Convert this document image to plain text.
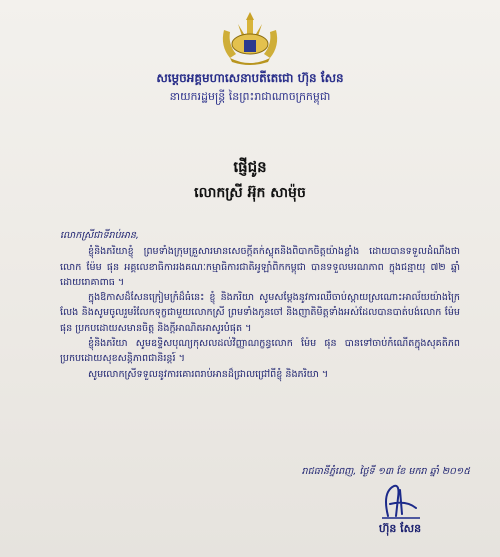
សម្តេចអគ្គមហាសេនាបតីតេជោ ហ៊ុន សែន
នាយករដ្ឋមន្ត្រី នៃព្រះរាជាណាចក្រកម្ពុជា
ផ្ញើជូន
លោកស្រី អ៊ុក សាម៉ុច

លោកស្រីជាទីរាប់អាន,

ខ្ញុំនិងភរិយាខ្ញុំ ព្រមទាំងក្រុមគ្រួសារមានសេចក្តីតក់ស្លុតនិងពិបាកចិត្តយ៉ាងខ្លាំង ដោយបានទទួលដំណឹងថា លោក ម៉ែម ផុន អគ្គលេខាធិការរងគណៈកម្មាធិការជាតិអូឡាំពិកកម្ពុជា បានទទួលមរណភាព ក្នុងជន្មាយុ ៧២ ឆ្នាំ ដោយរោគាពាធ ។

ក្នុងឱកាសដ៏សែនក្រៀមក្រំដ៏ធំនេះ ខ្ញុំ និងភរិយា សូមសម្តែងនូវការឈឺចាប់ស្តាយស្រណោះអាល័យយ៉ាងក្រៃលែង និងសូមចូលរួមរំលែកទុក្ខជាមួយលោកស្រី ព្រមទាំងកូនចៅ និងញាតិមិត្តទាំងអស់ដែលបានបាត់បង់លោក ម៉ែម ផុន ប្រកបដោយសមានចិត្ត និងក្តីអាណិតអាសូរបំផុត ។

ខ្ញុំនិងភរិយា សូមឧទ្ទិសបុណ្យកុសលដល់វិញ្ញាណក្ខន្ធលោក ម៉ែម ផុន បានទៅចាប់កំណើតក្នុងសុគតិភពប្រកបដោយសុខសន្តិភាពជានិរន្តរ៍ ។

សូមលោកស្រីទទួលនូវការគោរពរាប់អានដ៏ជ្រាលជ្រៅពីខ្ញុំ និងភរិយា ។

រាជធានីភ្នំពេញ, ថ្ងៃទី ១៣ ខែ មករា ឆ្នាំ ២០១៥
ហ៊ុន សែន
